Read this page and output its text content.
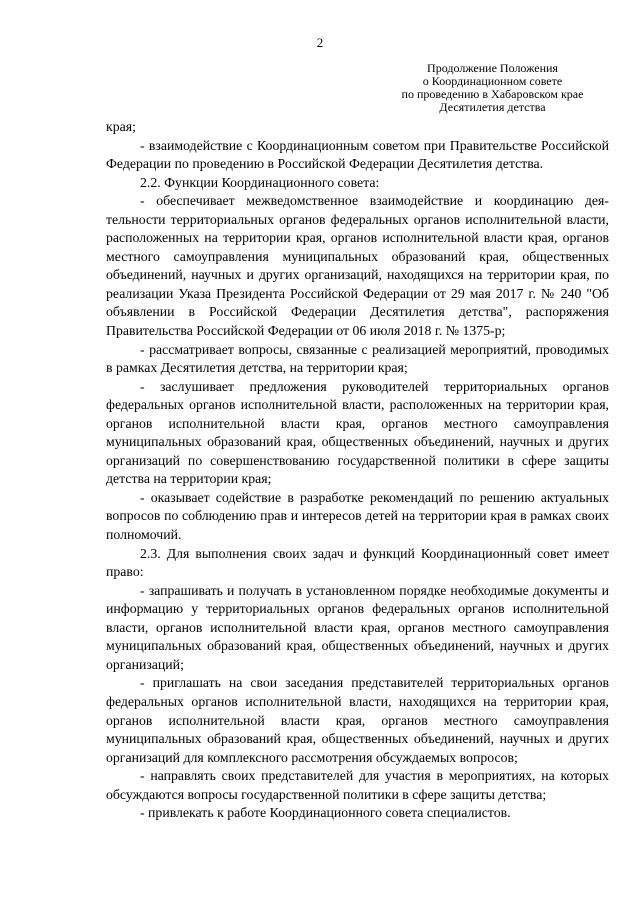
2
Продолжение Положения
о Координационном совете
по проведению в Хабаровском крае
Десятилетия детства

края;

- взаимодействие с Координационным советом при Правительстве Российской Федерации по проведению в Российской Федерации Десятилетия детства.

2.2. Функции Координационного совета:

- обеспечивает межведомственное взаимодействие и координацию деятельности территориальных органов федеральных органов исполнительной власти, расположенных на территории края, органов исполнительной власти края, органов местного самоуправления муниципальных образований края, общественных объединений, научных и других организаций, находящихся на территории края, по реализации Указа Президента Российской Федерации от 29 мая 2017 г. № 240 "Об объявлении в Российской Федерации Десятилетия детства", распоряжения Правительства Российской Федерации от 06 июля 2018 г. № 1375-р;

- рассматривает вопросы, связанные с реализацией мероприятий, проводимых в рамках Десятилетия детства, на территории края;

- заслушивает предложения руководителей территориальных органов федеральных органов исполнительной власти, расположенных на территории края, органов исполнительной власти края, органов местного самоуправления муниципальных образований края, общественных объединений, научных и других организаций по совершенствованию государственной политики в сфере защиты детства на территории края;

- оказывает содействие в разработке рекомендаций по решению актуальных вопросов по соблюдению прав и интересов детей на территории края в рамках своих полномочий.

2.3. Для выполнения своих задач и функций Координационный совет имеет право:

- запрашивать и получать в установленном порядке необходимые документы и информацию у территориальных органов федеральных органов исполнительной власти, органов исполнительной власти края, органов местного самоуправления муниципальных образований края, общественных объединений, научных и других организаций;

- приглашать на свои заседания представителей территориальных органов федеральных органов исполнительной власти, находящихся на территории края, органов исполнительной власти края, органов местного самоуправления муниципальных образований края, общественных объединений, научных и других организаций для комплексного рассмотрения обсуждаемых вопросов;

- направлять своих представителей для участия в мероприятиях, на которых обсуждаются вопросы государственной политики в сфере защиты детства;

- привлекать к работе Координационного совета специалистов.
